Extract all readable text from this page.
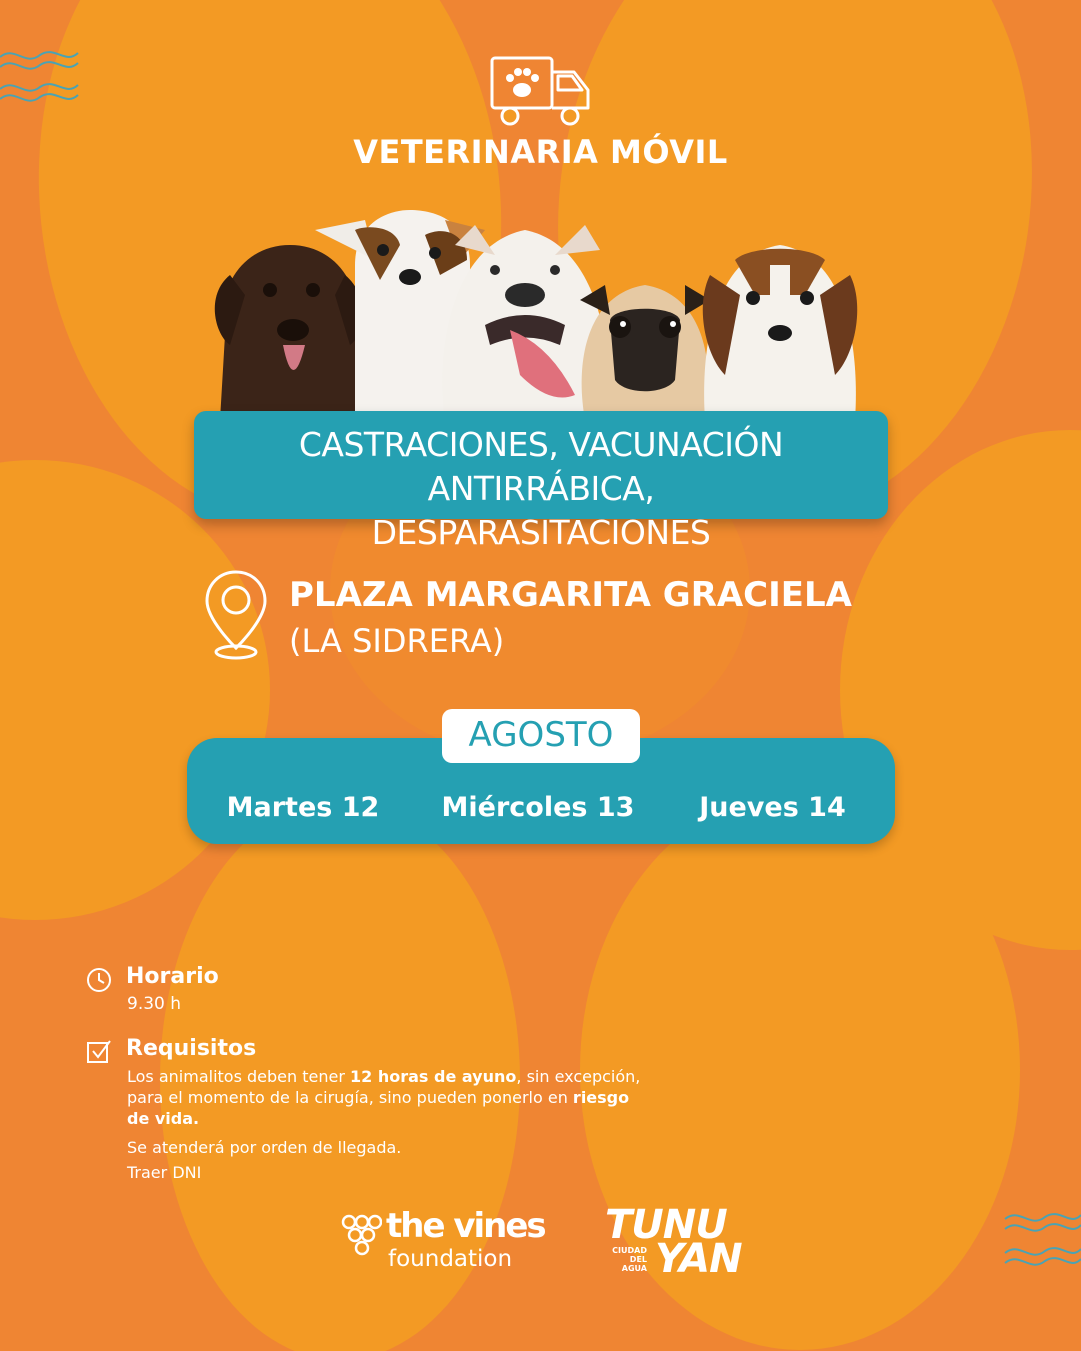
VETERINARIA MÓVIL
CASTRACIONES, VACUNACIÓN ANTIRRÁBICA,
DESPARASITACIONES
PLAZA MARGARITA GRACIELA
(LA SIDRERA)
AGOSTO
Martes 12	Miércoles 13	Jueves 14
Horario
9.30 h
Requisitos
Los animalitos deben tener 12 horas de ayuno, sin excepción,
para el momento de la cirugía, sino pueden ponerlo en riesgo
de vida.
Se atenderá por orden de llegada.
Traer DNI
the vines
foundation
TUNU
CIUDAD DEL AGUA YAN
